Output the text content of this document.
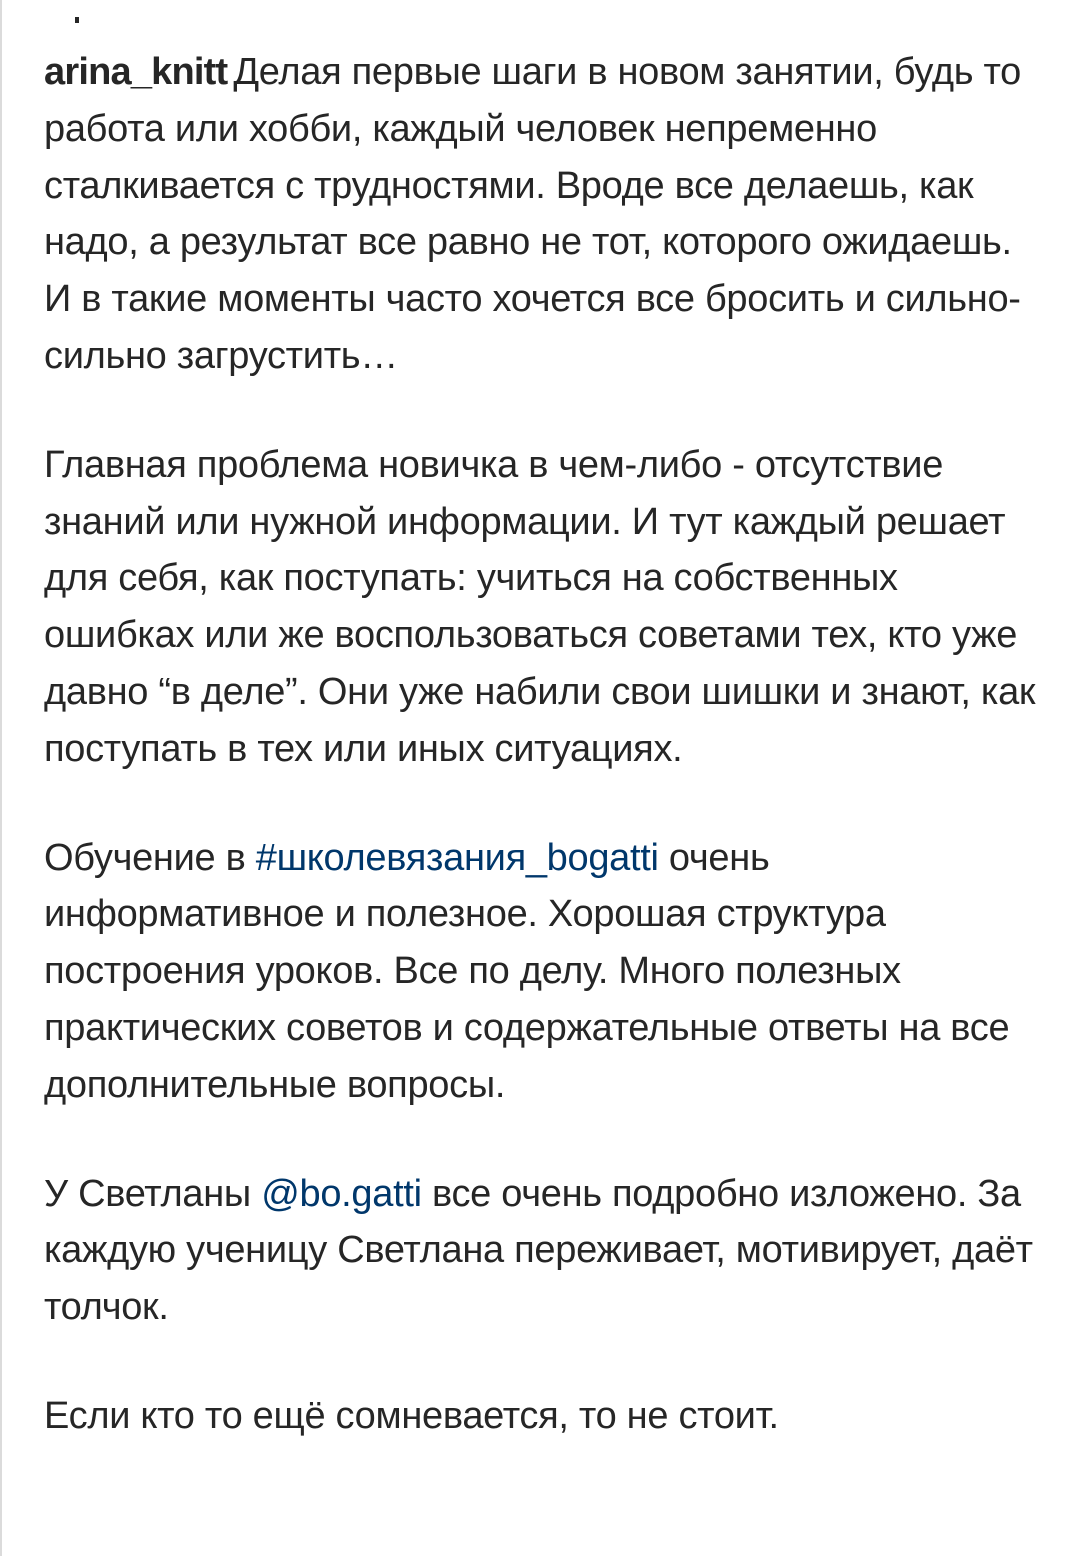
arina_knitt Делая первые шаги в новом занятии, будь то работа или хобби, каждый человек непременно сталкивается с трудностями. Вроде все делаешь, как надо, а результат все равно не тот, которого ожидаешь. И в такие моменты часто хочется все бросить и сильно-сильно загрустить…

Главная проблема новичка в чем-либо - отсутствие знаний или нужной информации. И тут каждый решает для себя, как поступать: учиться на собственных ошибках или же воспользоваться советами тех, кто уже давно “в деле”. Они уже набили свои шишки и знают, как поступать в тех или иных ситуациях.

Обучение в #школевязания_bogatti очень информативное и полезное. Хорошая структура построения уроков. Все по делу. Много полезных практических советов и содержательные ответы на все дополнительные вопросы.

У Светланы @bo.gatti все очень подробно изложено. За каждую ученицу Светлана переживает, мотивирует, даёт толчок.

Если кто то ещё сомневается, то не стоит.
